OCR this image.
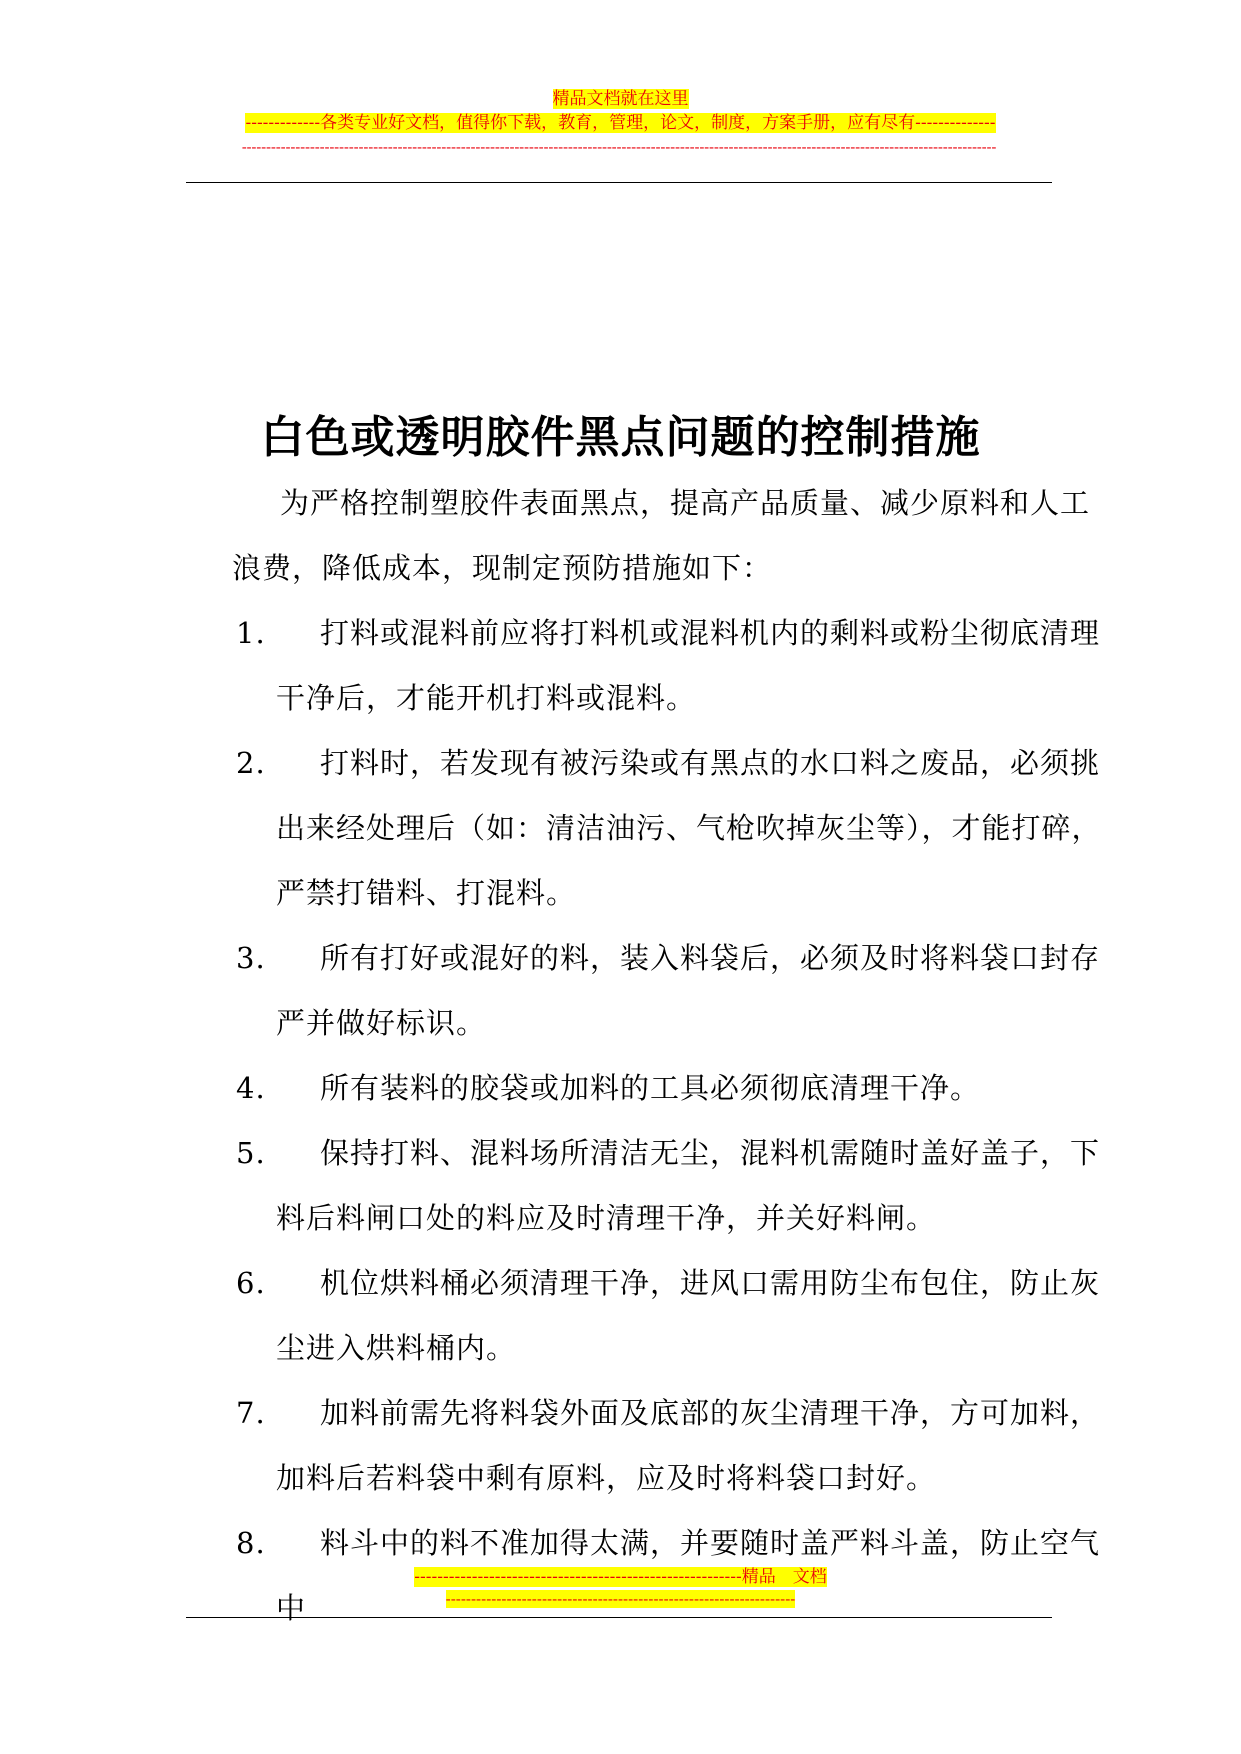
精品文档就在这里
-------------各类专业好文档，值得你下载，教育，管理，论文，制度，方案手册，应有尽有--------------
-----------------------------------------------------------------------------------------------------------------------------------------------------------
白色或透明胶件黑点问题的控制措施
为严格控制塑胶件表面黑点，提高产品质量、减少原料和人工浪费，降低成本，现制定预防措施如下：
1.	打料或混料前应将打料机或混料机内的剩料或粉尘彻底清理干净后，才能开机打料或混料。
2.	打料时，若发现有被污染或有黑点的水口料之废品，必须挑出来经处理后（如：清洁油污、气枪吹掉灰尘等），才能打碎，严禁打错料、打混料。
3.	所有打好或混好的料，装入料袋后，必须及时将料袋口封存严并做好标识。
4.	所有装料的胶袋或加料的工具必须彻底清理干净。
5.	保持打料、混料场所清洁无尘，混料机需随时盖好盖子，下料后料闸口处的料应及时清理干净，并关好料闸。
6.	机位烘料桶必须清理干净，进风口需用防尘布包住，防止灰尘进入烘料桶内。
7.	加料前需先将料袋外面及底部的灰尘清理干净，方可加料，加料后若料袋中剩有原料，应及时将料袋口封好。
8.	料斗中的料不准加得太满，并要随时盖严料斗盖，防止空气中
---------------------------------------------------------精品　文档
---------------------------------------------------------------------
